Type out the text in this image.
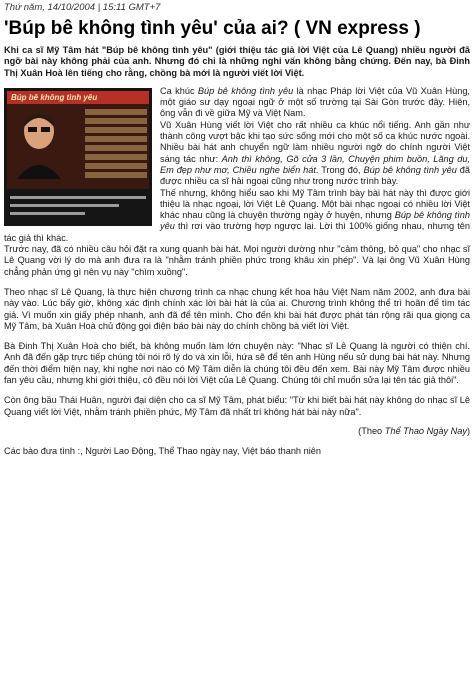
Thứ năm, 14/10/2004 | 15:11 GMT+7
'Búp bê không tình yêu' của ai? ( VN express )
Khi ca sĩ Mỹ Tâm hát "Búp bê không tình yêu" (giới thiệu tác giả lời Việt của Lê Quang) nhiều người đã ngỡ bài này không phải của anh. Nhưng đó chỉ là những nghi vấn không bằng chứng. Đến nay, bà Đinh Thị Xuân Hoà lên tiếng cho rằng, chồng bà mới là người viết lời Việt.
Búp bê không tình yêu

Ca khúc Búp bê không tình yêu là nhạc Pháp lời Việt của Vũ Xuân Hùng, một giáo sư dạy ngoại ngữ ở một số trường tại Sài Gòn trước đây. Hiện, ông vẫn đi về giữa Mỹ và Việt Nam.

Vũ Xuân Hùng viết lời Việt cho rất nhiều ca khúc nổi tiếng. Anh gần như thành công vượt bậc khi tạo sức sống mới cho một số ca khúc nước ngoài. Nhiều bài hát anh chuyển ngữ làm nhiều người ngỡ do chính người Việt sáng tác như: Anh thì không, Gõ cửa 3 lần, Chuyện phim buồn, Lãng du, Em đẹp như mơ, Chiều nghe biển hát. Trong đó, Búp bê không tình yêu đã được nhiều ca sĩ hải ngoại cũng như trong nước trình bày.

Thế nhưng, không hiểu sao khi Mỹ Tâm trình bày bài hát này thì được giới thiệu là nhạc ngoại, lời Việt Lê Quang. Một bài nhạc ngoại có nhiều lời Việt khác nhau cũng là chuyện thường ngày ở huyện, nhưng Búp bê không tình yêu thì rơi vào trường hợp ngược lại. Lời thì 100% giống nhau, nhưng tên tác giả thì khác.

Trước nay, đã có nhiều câu hỏi đặt ra xung quanh bài hát. Mọi người dường như "cảm thông, bỏ qua" cho nhạc sĩ Lê Quang vời lý do mà anh đưa ra là "nhằm tránh phiền phức trong khâu xin phép". Và lại ông Vũ Xuân Hùng chẳng phản ứng gì nên vụ này "chìm xuồng".

Theo nhạc sĩ Lê Quang, là thực hiện chương trình ca nhạc chung kết hoa hậu Việt Nam năm 2002, anh đưa bài này vào. Lúc bấy giờ, không xác định chính xác lời bài hát là của ai. Chương trình không thể trì hoãn để tìm tác giả. Vì muốn xin giấy phép nhanh, anh đã để tên mình. Cho đến khi bài hát được phát tán rộng rãi qua giọng ca Mỹ Tâm, bà Xuân Hoà chủ động gọi điện báo bài này do chính chồng bà viết lời Việt.

Bà Đinh Thị Xuân Hoà cho biết, bà không muốn làm lớn chuyện này: "Nhạc sĩ Lê Quang là người có thiện chí. Anh đã đến gặp trực tiếp chúng tôi nói rõ lý do và xin lỗi, hứa sẽ để tên anh Hùng nếu sử dụng bài hát này. Nhưng đến thời điểm hiện nay, khi nghe nơi nào có Mỹ Tâm diễn là chúng tôi đều đến xem. Bài này Mỹ Tâm được nhiều fan yêu cầu, nhưng khi giới thiệu, cô đều nói lời Việt của Lê Quang. Chúng tôi chỉ muốn sửa lại tên tác giả thôi".

Còn ông bầu Thái Huân, người đại diện cho ca sĩ Mỹ Tâm, phát biểu: "Từ khi biết bài hát này không do nhạc sĩ Lê Quang viết lời Việt, nhằm tránh phiền phức, Mỹ Tâm đã nhất trí không hát bài này nữa".

(Theo Thể Thao Ngày Nay)
Các bào đưa tình :, Người Lao Động, Thể Thao ngày nay, Việt báo thanh niên
